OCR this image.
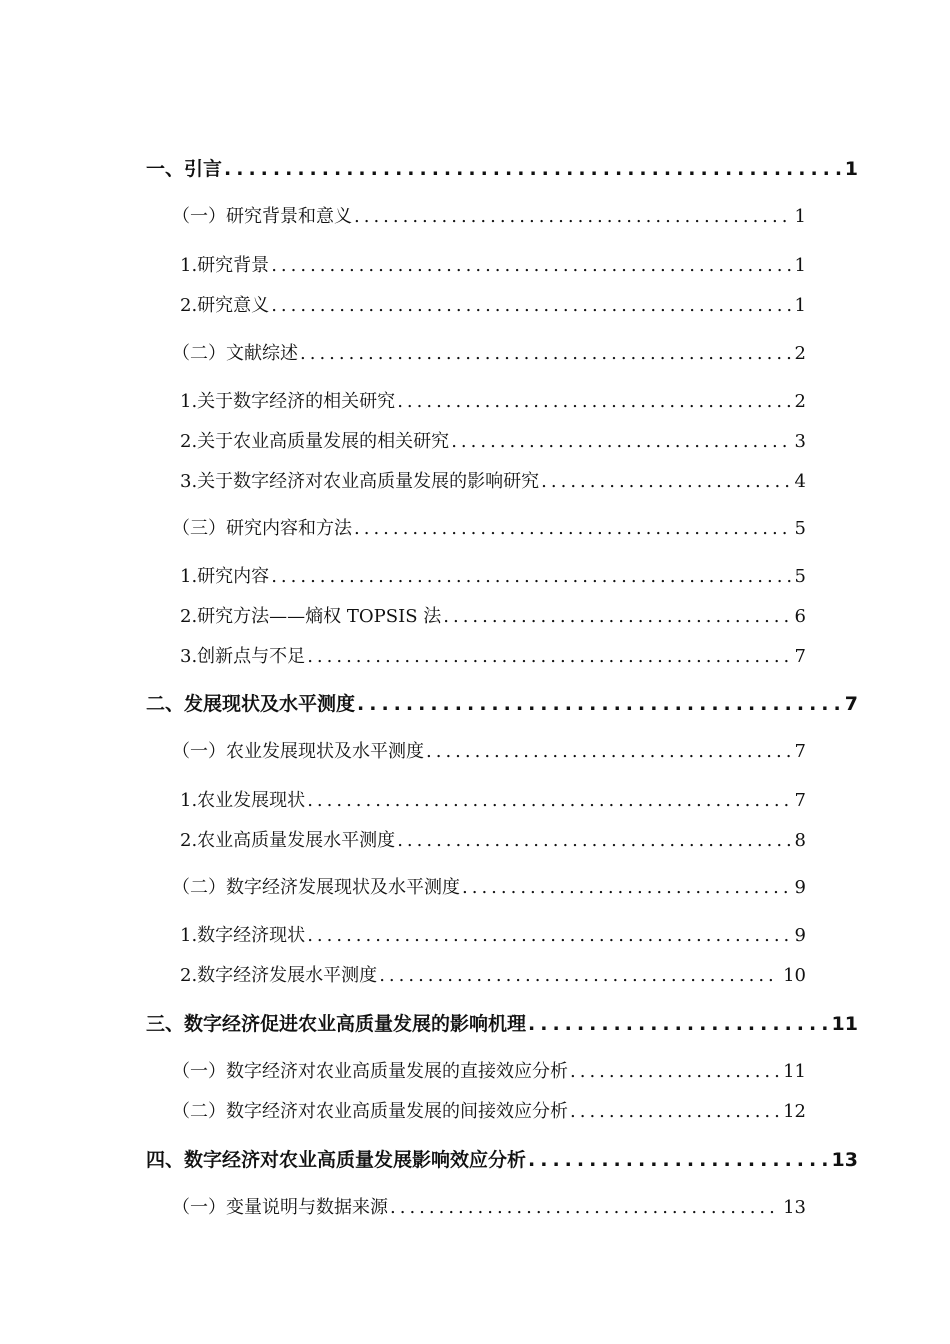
一、引言 .....	1
（一）研究背景和意义 .....	1
1.研究背景 .....	1
2.研究意义 .....	1
（二）文献综述 .....	2
1.关于数字经济的相关研究 .....	2
2.关于农业高质量发展的相关研究 .....	3
3.关于数字经济对农业高质量发展的影响研究 .....	4
（三）研究内容和方法 .....	5
1.研究内容 .....	5
2.研究方法——熵权 TOPSIS 法 .....	6
3.创新点与不足 .....	7
二、发展现状及水平测度 .....	7
（一）农业发展现状及水平测度 .....	7
1.农业发展现状 .....	7
2.农业高质量发展水平测度 .....	8
（二）数字经济发展现状及水平测度 .....	9
1.数字经济现状 .....	9
2.数字经济发展水平测度 .....	10
三、数字经济促进农业高质量发展的影响机理 .....	11
（一）数字经济对农业高质量发展的直接效应分析 .....	11
（二）数字经济对农业高质量发展的间接效应分析 .....	12
四、数字经济对农业高质量发展影响效应分析 .....	13
（一）变量说明与数据来源 .....	13
